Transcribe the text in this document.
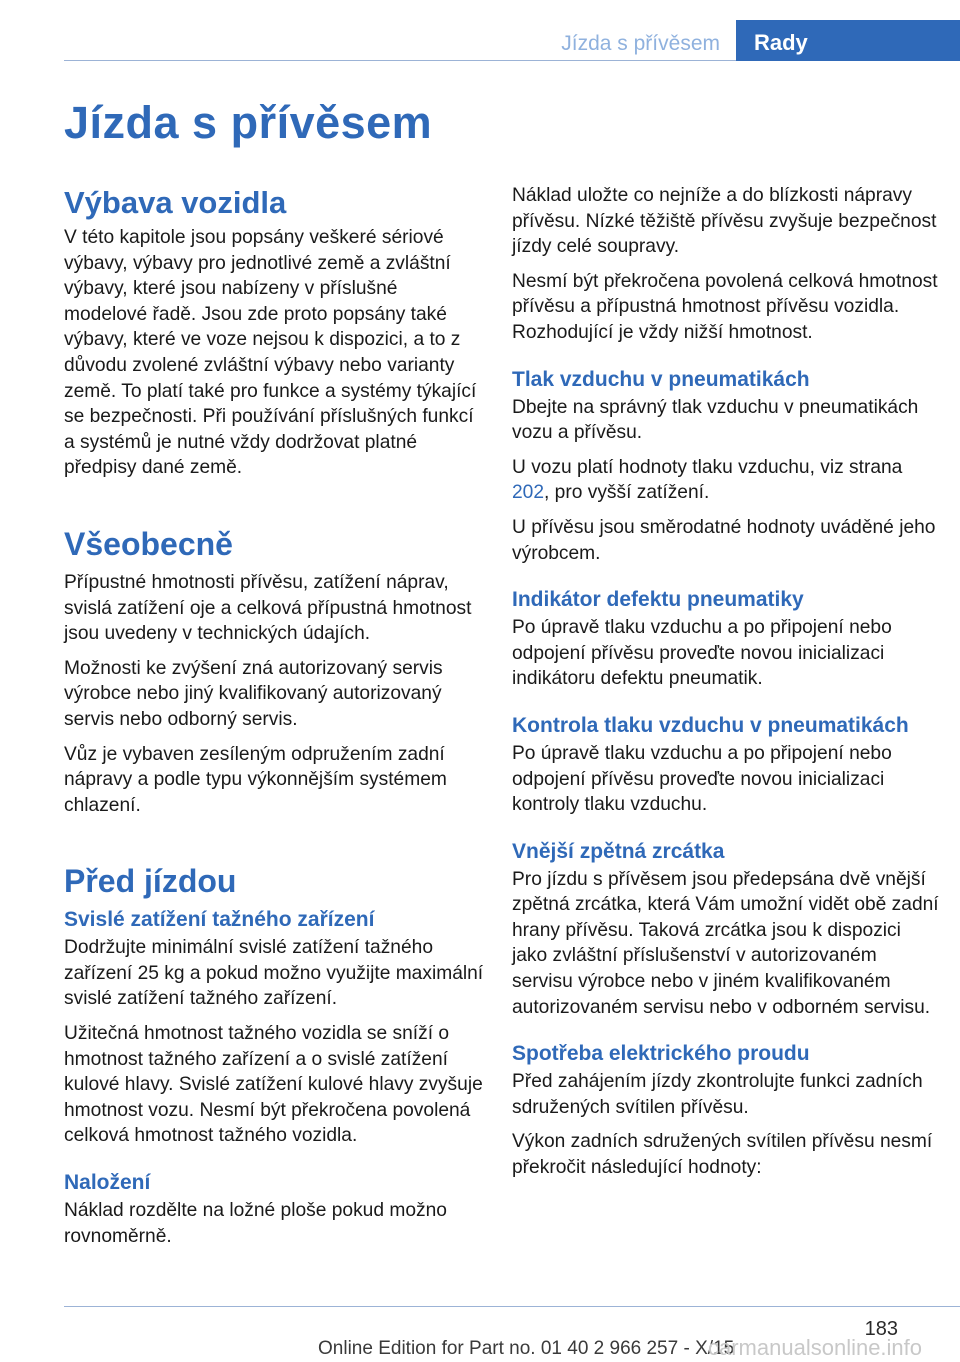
Jízda s přívěsem	Rady
Jízda s přívěsem
Výbava vozidla

V této kapitole jsou popsány veškeré sériové výbavy, výbavy pro jednotlivé země a zvláštní výbavy, které jsou nabízeny v příslušné modelové řadě. Jsou zde proto popsány také výbavy, které ve voze nejsou k dispozici, a to z důvodu zvolené zvláštní výbavy nebo varianty země. To platí také pro funkce a systémy týkající se bezpečnosti. Při používání příslušných funkcí a systémů je nutné vždy dodržovat platné předpisy dané země.

Všeobecně

Přípustné hmotnosti přívěsu, zatížení náprav, svislá zatížení oje a celková přípustná hmotnost jsou uvedeny v technických údajích.

Možnosti ke zvýšení zná autorizovaný servis výrobce nebo jiný kvalifikovaný autorizovaný servis nebo odborný servis.

Vůz je vybaven zesíleným odpružením zadní nápravy a podle typu výkonnějším systémem chlazení.

Před jízdou
Svislé zatížení tažného zařízení

Dodržujte minimální svislé zatížení tažného zařízení 25 kg a pokud možno využijte maximální svislé zatížení tažného zařízení.

Užitečná hmotnost tažného vozidla se sníží o hmotnost tažného zařízení a o svislé zatížení kulové hlavy. Svislé zatížení kulové hlavy zvyšuje hmotnost vozu. Nesmí být překročena povolená celková hmotnost tažného vozidla.

Naložení

Náklad rozdělte na ložné ploše pokud možno rovnoměrně.

Náklad uložte co nejníže a do blízkosti nápravy přívěsu. Nízké těžiště přívěsu zvyšuje bezpečnost jízdy celé soupravy.

Nesmí být překročena povolená celková hmotnost přívěsu a přípustná hmotnost přívěsu vozidla. Rozhodující je vždy nižší hmotnost.

Tlak vzduchu v pneumatikách

Dbejte na správný tlak vzduchu v pneumatikách vozu a přívěsu.

U vozu platí hodnoty tlaku vzduchu, viz strana 202, pro vyšší zatížení.

U přívěsu jsou směrodatné hodnoty uváděné jeho výrobcem.

Indikátor defektu pneumatiky

Po úpravě tlaku vzduchu a po připojení nebo odpojení přívěsu proveďte novou inicializaci indikátoru defektu pneumatik.

Kontrola tlaku vzduchu v pneumatikách

Po úpravě tlaku vzduchu a po připojení nebo odpojení přívěsu proveďte novou inicializaci kontroly tlaku vzduchu.

Vnější zpětná zrcátka

Pro jízdu s přívěsem jsou předepsána dvě vnější zpětná zrcátka, která Vám umožní vidět obě zadní hrany přívěsu. Taková zrcátka jsou k dispozici jako zvláštní příslušenství v autorizovaném servisu výrobce nebo v jiném kvalifikovaném autorizovaném servisu nebo v odborném servisu.

Spotřeba elektrického proudu

Před zahájením jízdy zkontrolujte funkci zadních sdružených svítilen přívěsu.

Výkon zadních sdružených svítilen přívěsu nesmí překročit následující hodnoty:

183
Online Edition for Part no. 01 40 2 966 257 - X/15
carmanualsonline.info
